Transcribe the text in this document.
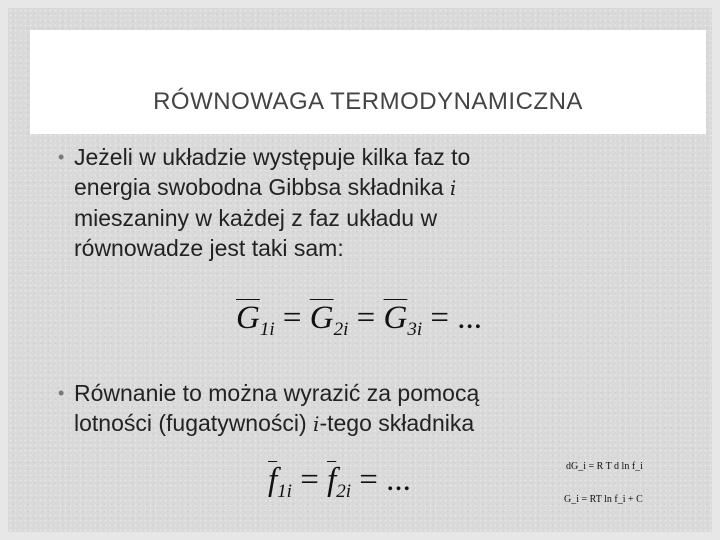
RÓWNOWAGA TERMODYNAMICZNA
• Jeżeli w układzie występuje kilka faz to
energia swobodna Gibbsa składnika i
mieszaniny w każdej z faz układu w
równowadze jest taki sam:
$\overline{G}_{1i} = \overline{G}_{2i} = \overline{G}_{3i}$ = ...
• Równanie to można wyrazić za pomocą
lotności (fugatywności) i-tego składnika
$\overline{f}_{1i} = \overline{f}_{2i}$ = ...	dG_i = R T d ln f_i
G_i = RT ln f_i + C
